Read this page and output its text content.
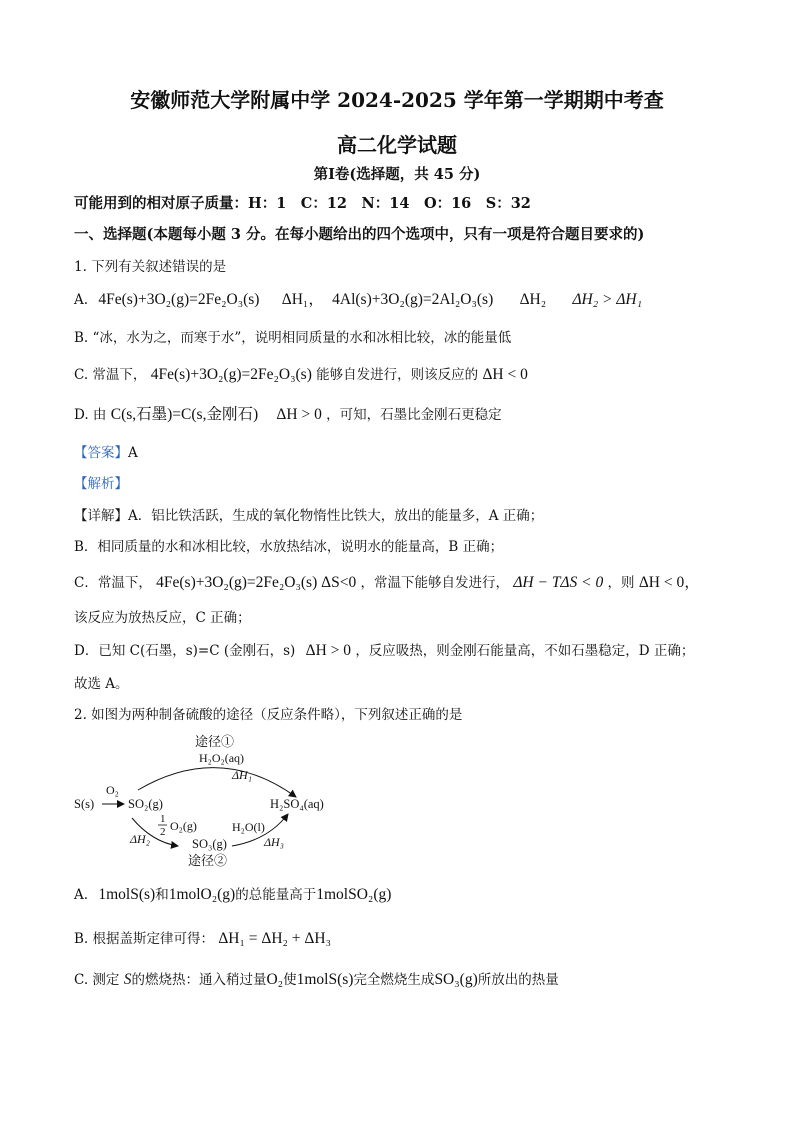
安徽师范大学附属中学 2024-2025 学年第一学期期中考查
高二化学试题
第Ⅰ卷(选择题，共 45 分)
可能用到的相对原子质量：H：1　C：12　N：14　O：16　S：32
一、选择题(本题每小题 3 分。在每小题给出的四个选项中，只有一项是符合题目要求的)
1. 下列有关叙述错误的是
A. 4Fe(s)+3O₂(g)=2Fe₂O₃(s) ΔH₁， 4Al(s)+3O₂(g)=2Al₂O₃(s) ΔH₂ ΔH₂ > ΔH₁
B. “冰，水为之，而寒于水”，说明相同质量的水和冰相比较，冰的能量低
C. 常温下， 4Fe(s)+3O₂(g)=2Fe₂O₃(s) 能够自发进行，则该反应的 ΔH < 0
D. 由 C(s,石墨)=C(s,金刚石) ΔH > 0 ，可知，石墨比金刚石更稳定
【答案】A
【解析】
【详解】A．铝比铁活跃，生成的氧化物惰性比铁大，放出的能量多，A 正确；
B．相同质量的水和冰相比较，水放热结冰，说明水的能量高，B 正确；
C．常温下， 4Fe(s)+3O₂(g)=2Fe₂O₃(s) ΔS<0 ，常温下能够自发进行， ΔH − TΔS < 0 ，则 ΔH < 0，
该反应为放热反应，C 正确；
D．已知 C(石墨，s)=C (金刚石，s) ΔH > 0 ，反应吸热，则金刚石能量高，不如石墨稳定，D 正确；
故选 A。
2. 如图为两种制备硫酸的途径（反应条件略），下列叙述正确的是
途径①
H₂O₂(aq)
ΔH₁
S(s)
O₂
SO₂(g)	H₂SO₄(aq)
1
2 O₂(g)
ΔH₂	SO₃(g)
H₂O(l)
ΔH₃
途径②
A. 1molS(s)和1molO₂(g)的总能量高于1molSO₂(g)
B. 根据盖斯定律可得： ΔH₁ = ΔH₂ + ΔH₃
C. 测定 S的燃烧热：通入稍过量O₂使1molS(s)完全燃烧生成SO₃(g)所放出的热量
